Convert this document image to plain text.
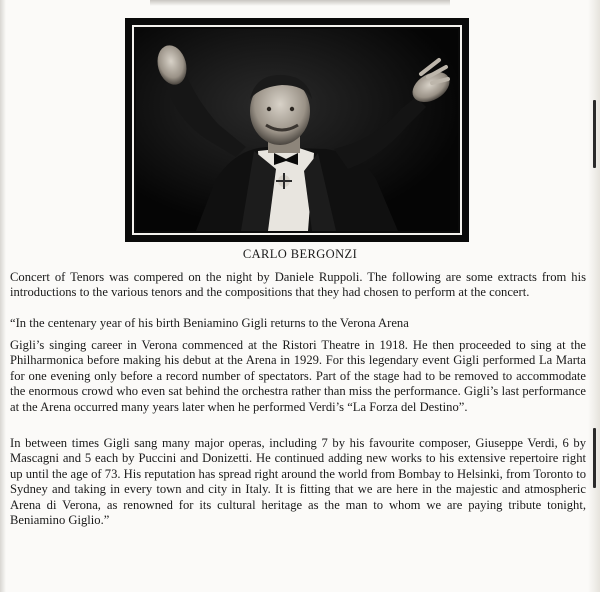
CARLO BERGONZI

Concert of Tenors was compered on the night by Daniele Ruppoli. The following are some extracts from his introductions to the various tenors and the compositions that they had chosen to perform at the concert.

“In the centenary year of his birth Beniamino Gigli returns to the Verona Arena

Gigli’s singing career in Verona commenced at the Ristori Theatre in 1918. He then proceeded to sing at the Philharmonica before making his debut at the Arena in 1929. For this legendary event Gigli performed La Marta for one evening only before a record number of spectators. Part of the stage had to be removed to accommodate the enormous crowd who even sat behind the orchestra rather than miss the performance. Gigli’s last performance at the Arena occurred many years later when he performed Verdi’s “La Forza del Destino”.

In between times Gigli sang many major operas, including 7 by his favourite composer, Giuseppe Verdi, 6 by Mascagni and 5 each by Puccini and Donizetti. He continued adding new works to his extensive repertoire right up until the age of 73. His reputation has spread right around the world from Bombay to Helsinki, from Toronto to Sydney and taking in every town and city in Italy. It is fitting that we are here in the majestic and atmospheric Arena di Verona, as renowned for its cultural heritage as the man to whom we are paying tribute tonight, Beniamino Giglio.”
